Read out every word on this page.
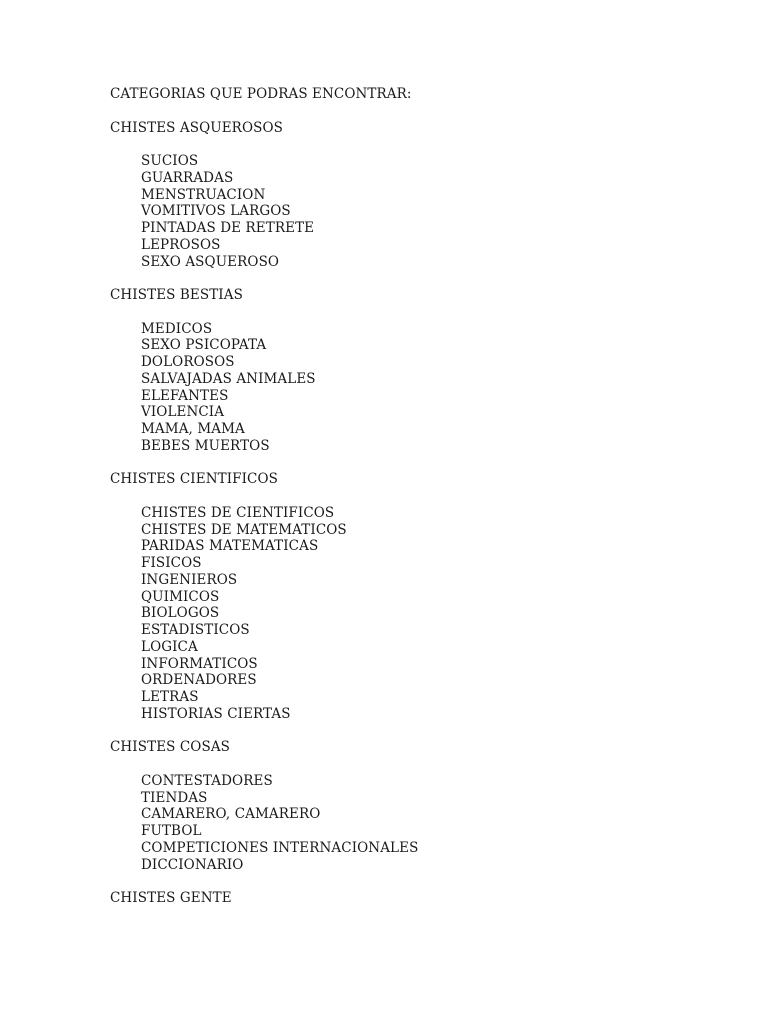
CATEGORIAS QUE PODRAS ENCONTRAR:
CHISTES ASQUEROSOS
SUCIOS
GUARRADAS
MENSTRUACION
VOMITIVOS LARGOS
PINTADAS DE RETRETE
LEPROSOS
SEXO ASQUEROSO
CHISTES BESTIAS
MEDICOS
SEXO PSICOPATA
DOLOROSOS
SALVAJADAS ANIMALES
ELEFANTES
VIOLENCIA
MAMA, MAMA
BEBES MUERTOS
CHISTES CIENTIFICOS
CHISTES DE CIENTIFICOS
CHISTES DE MATEMATICOS
PARIDAS MATEMATICAS
FISICOS
INGENIEROS
QUIMICOS
BIOLOGOS
ESTADISTICOS
LOGICA
INFORMATICOS
ORDENADORES
LETRAS
HISTORIAS CIERTAS
CHISTES COSAS
CONTESTADORES
TIENDAS
CAMARERO, CAMARERO
FUTBOL
COMPETICIONES INTERNACIONALES
DICCIONARIO
CHISTES GENTE
